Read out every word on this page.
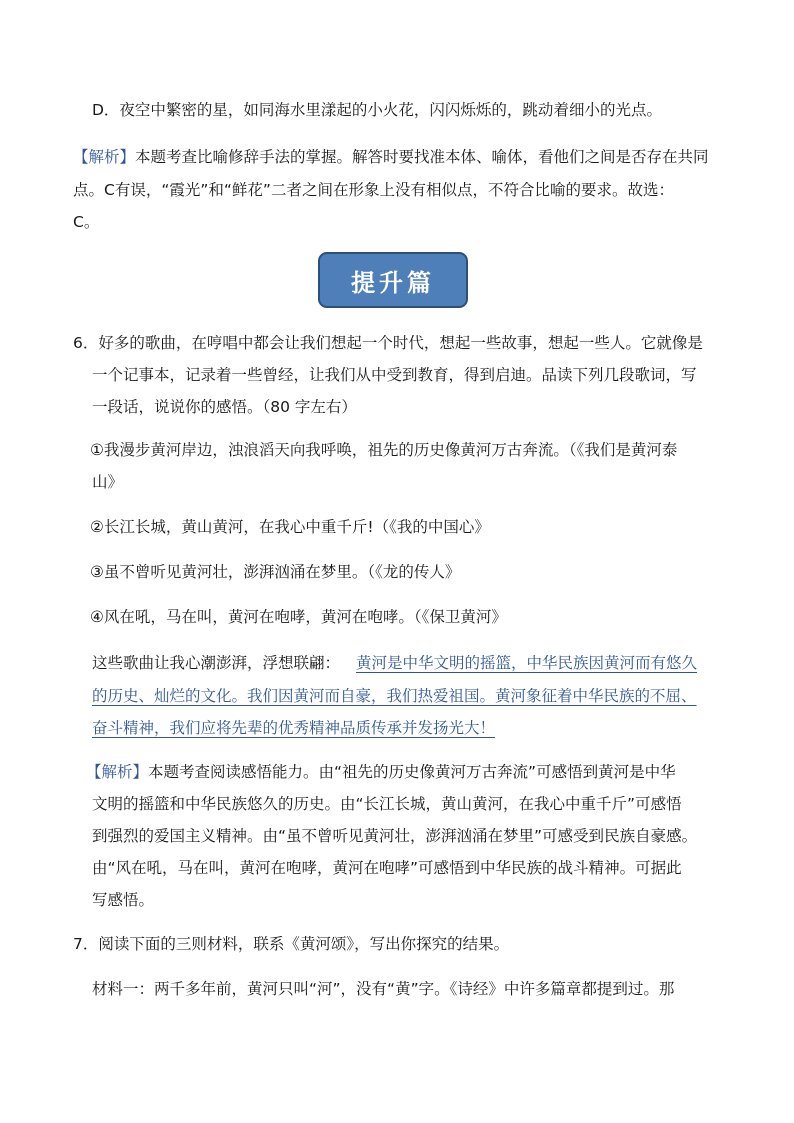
D．夜空中繁密的星，如同海水里漾起的小火花，闪闪烁烁的，跳动着细小的光点。
【解析】本题考查比喻修辞手法的掌握。解答时要找准本体、喻体，看他们之间是否存在共同
点。C有误，“霞光”和“鲜花”二者之间在形象上没有相似点，不符合比喻的要求。故选：
C。
提升篇
6．好多的歌曲，在哼唱中都会让我们想起一个时代，想起一些故事，想起一些人。它就像是
一个记事本，记录着一些曾经，让我们从中受到教育，得到启迪。品读下列几段歌词，写
一段话，说说你的感悟。（80 字左右）
①我漫步黄河岸边，浊浪滔天向我呼唤，祖先的历史像黄河万古奔流。（《我们是黄河泰
山》
②长江长城，黄山黄河，在我心中重千斤!（《我的中国心》
③虽不曾听见黄河壮，澎湃汹涌在梦里。（《龙的传人》
④风在吼，马在叫，黄河在咆哮，黄河在咆哮。（《保卫黄河》
这些歌曲让我心潮澎湃，浮想联翩： 黄河是中华文明的摇篮，中华民族因黄河而有悠久
的历史、灿烂的文化。我们因黄河而自豪，我们热爱祖国。黄河象征着中华民族的不屈、
奋斗精神，我们应将先辈的优秀精神品质传承并发扬光大！
【解析】本题考查阅读感悟能力。由“祖先的历史像黄河万古奔流”可感悟到黄河是中华
文明的摇篮和中华民族悠久的历史。由“长江长城，黄山黄河，在我心中重千斤”可感悟
到强烈的爱国主义精神。由“虽不曾听见黄河壮，澎湃汹涌在梦里”可感受到民族自豪感。
由“风在吼，马在叫，黄河在咆哮，黄河在咆哮”可感悟到中华民族的战斗精神。可据此
写感悟。
7．阅读下面的三则材料，联系《黄河颂》，写出你探究的结果。
材料一：两千多年前，黄河只叫“河”，没有“黄”字。《诗经》中许多篇章都提到过。那
